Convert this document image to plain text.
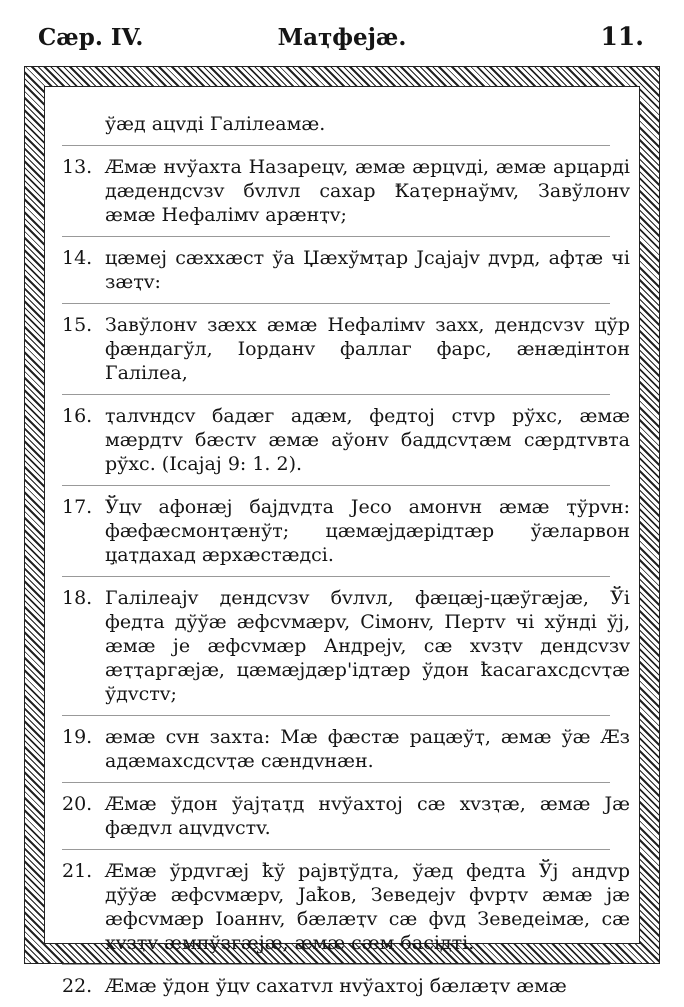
Сӕр. IV.	Маҭфеjӕ.	11.
ўӕд ацvді Галілеамӕ.
13. Ӕмӕ нvўахта Назарецv, ӕмӕ ӕрцvді, ӕмӕ арцарді дӕдендсvзv бvлvл сахар Ҟаҭернаўмv, Завўлонv ӕмӕ Нефалімv арӕнҭv;
14. цӕмеj сӕххӕст ўа Џӕхўмҭар Jсаjаjv дvрд, афҭӕ чі зӕҭv:
15. Завўлонv зӕхх ӕмӕ Нефалімv захх, дендсvзv цўр фӕндагўл, Іорданv фаллаг фарс, ӕнӕдінтон Галілеа,
16. ҭалvндсv бадӕг адӕм, федтоj стvр рўхс, ӕмӕ мӕрдтv бӕстv ӕмӕ аўонv баддсvҭӕм сӕрдтvвта рўхс. (Іcаjаj 9: 1. 2).
17. Ўцv афонӕj баjдvдта Jеcо амонvн ӕмӕ ҭўрvн: фӕфӕсмонҭӕнўт; цӕмӕjдӕрідтӕр ўӕларвон ц̧аҭдахад ӕрхӕстӕдсі.
18. Галілеаjv дендсvзv бvлvл, фӕцӕj-цӕўгӕjӕ, Ўі федта дўўӕ ӕфсvмӕрv, Сімонv, Пертv чі хўнді ўj, ӕмӕ jе ӕфсvмӕр Андреjv, сӕ хvзҭv дендсvзv ӕҭҭаргӕjӕ, цӕмӕjдӕр'ідтӕр ўдон ҟасагахсдсvҭӕ ўдvстv;
19. ӕмӕ сvн захта: Мӕ фӕстӕ рацӕўҭ, ӕмӕ ўӕ Ӕз адӕмахсдсvҭӕ сӕндvнӕн.
20. Ӕмӕ ўдон ўаjҭаҭд нvўахтоj сӕ хvзҭӕ, ӕмӕ Jӕ фӕдvл ацvдvстv.
21. Ӕмӕ ўрдvгӕj ҟў раjвҭўдта, ўӕд федта Ўj андvр дўўӕ ӕфсvмӕрv, Jаҟов, Зеведеjv фvрҭv ӕмӕ jӕ ӕфсvмӕр Іоаннv, бӕлӕҭv сӕ фvд Зеведеімӕ, сӕ хvзҭv ӕмпўзгӕjӕ, ӕмӕ сӕм басідті.
22. Ӕмӕ ўдон ўцv сахатvл нvўахтоj бӕлӕҭv ӕмӕ
